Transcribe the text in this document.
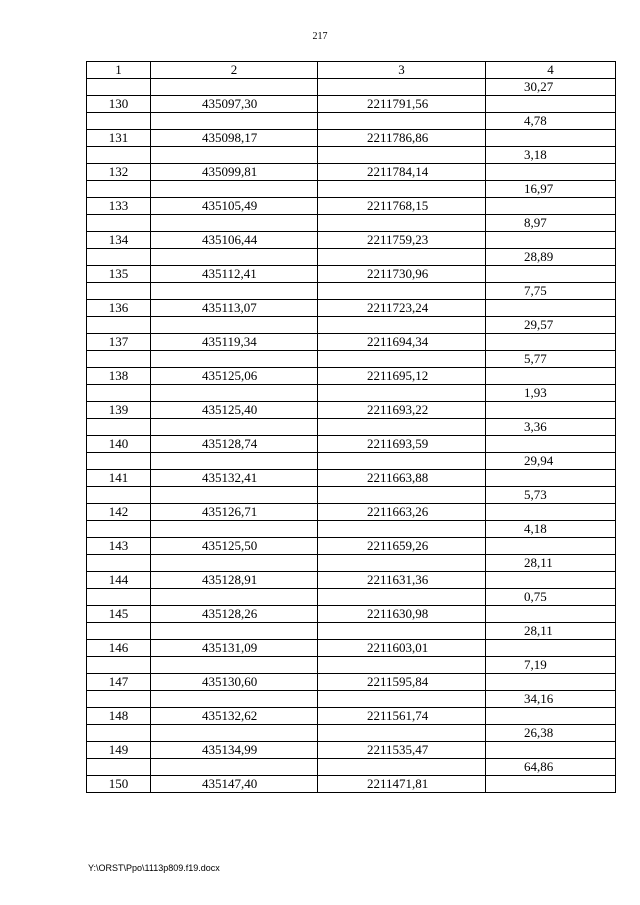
217
1	2	3	4
			30,27
130	435097,30	2211791,56	
			4,78
131	435098,17	2211786,86	
			3,18
132	435099,81	2211784,14	
			16,97
133	435105,49	2211768,15	
			8,97
134	435106,44	2211759,23	
			28,89
135	435112,41	2211730,96	
			7,75
136	435113,07	2211723,24	
			29,57
137	435119,34	2211694,34	
			5,77
138	435125,06	2211695,12	
			1,93
139	435125,40	2211693,22	
			3,36
140	435128,74	2211693,59	
			29,94
141	435132,41	2211663,88	
			5,73
142	435126,71	2211663,26	
			4,18
143	435125,50	2211659,26	
			28,11
144	435128,91	2211631,36	
			0,75
145	435128,26	2211630,98	
			28,11
146	435131,09	2211603,01	
			7,19
147	435130,60	2211595,84	
			34,16
148	435132,62	2211561,74	
			26,38
149	435134,99	2211535,47	
			64,86
150	435147,40	2211471,81	
Y:\ORST\Ppo\1113p809.f19.docx
